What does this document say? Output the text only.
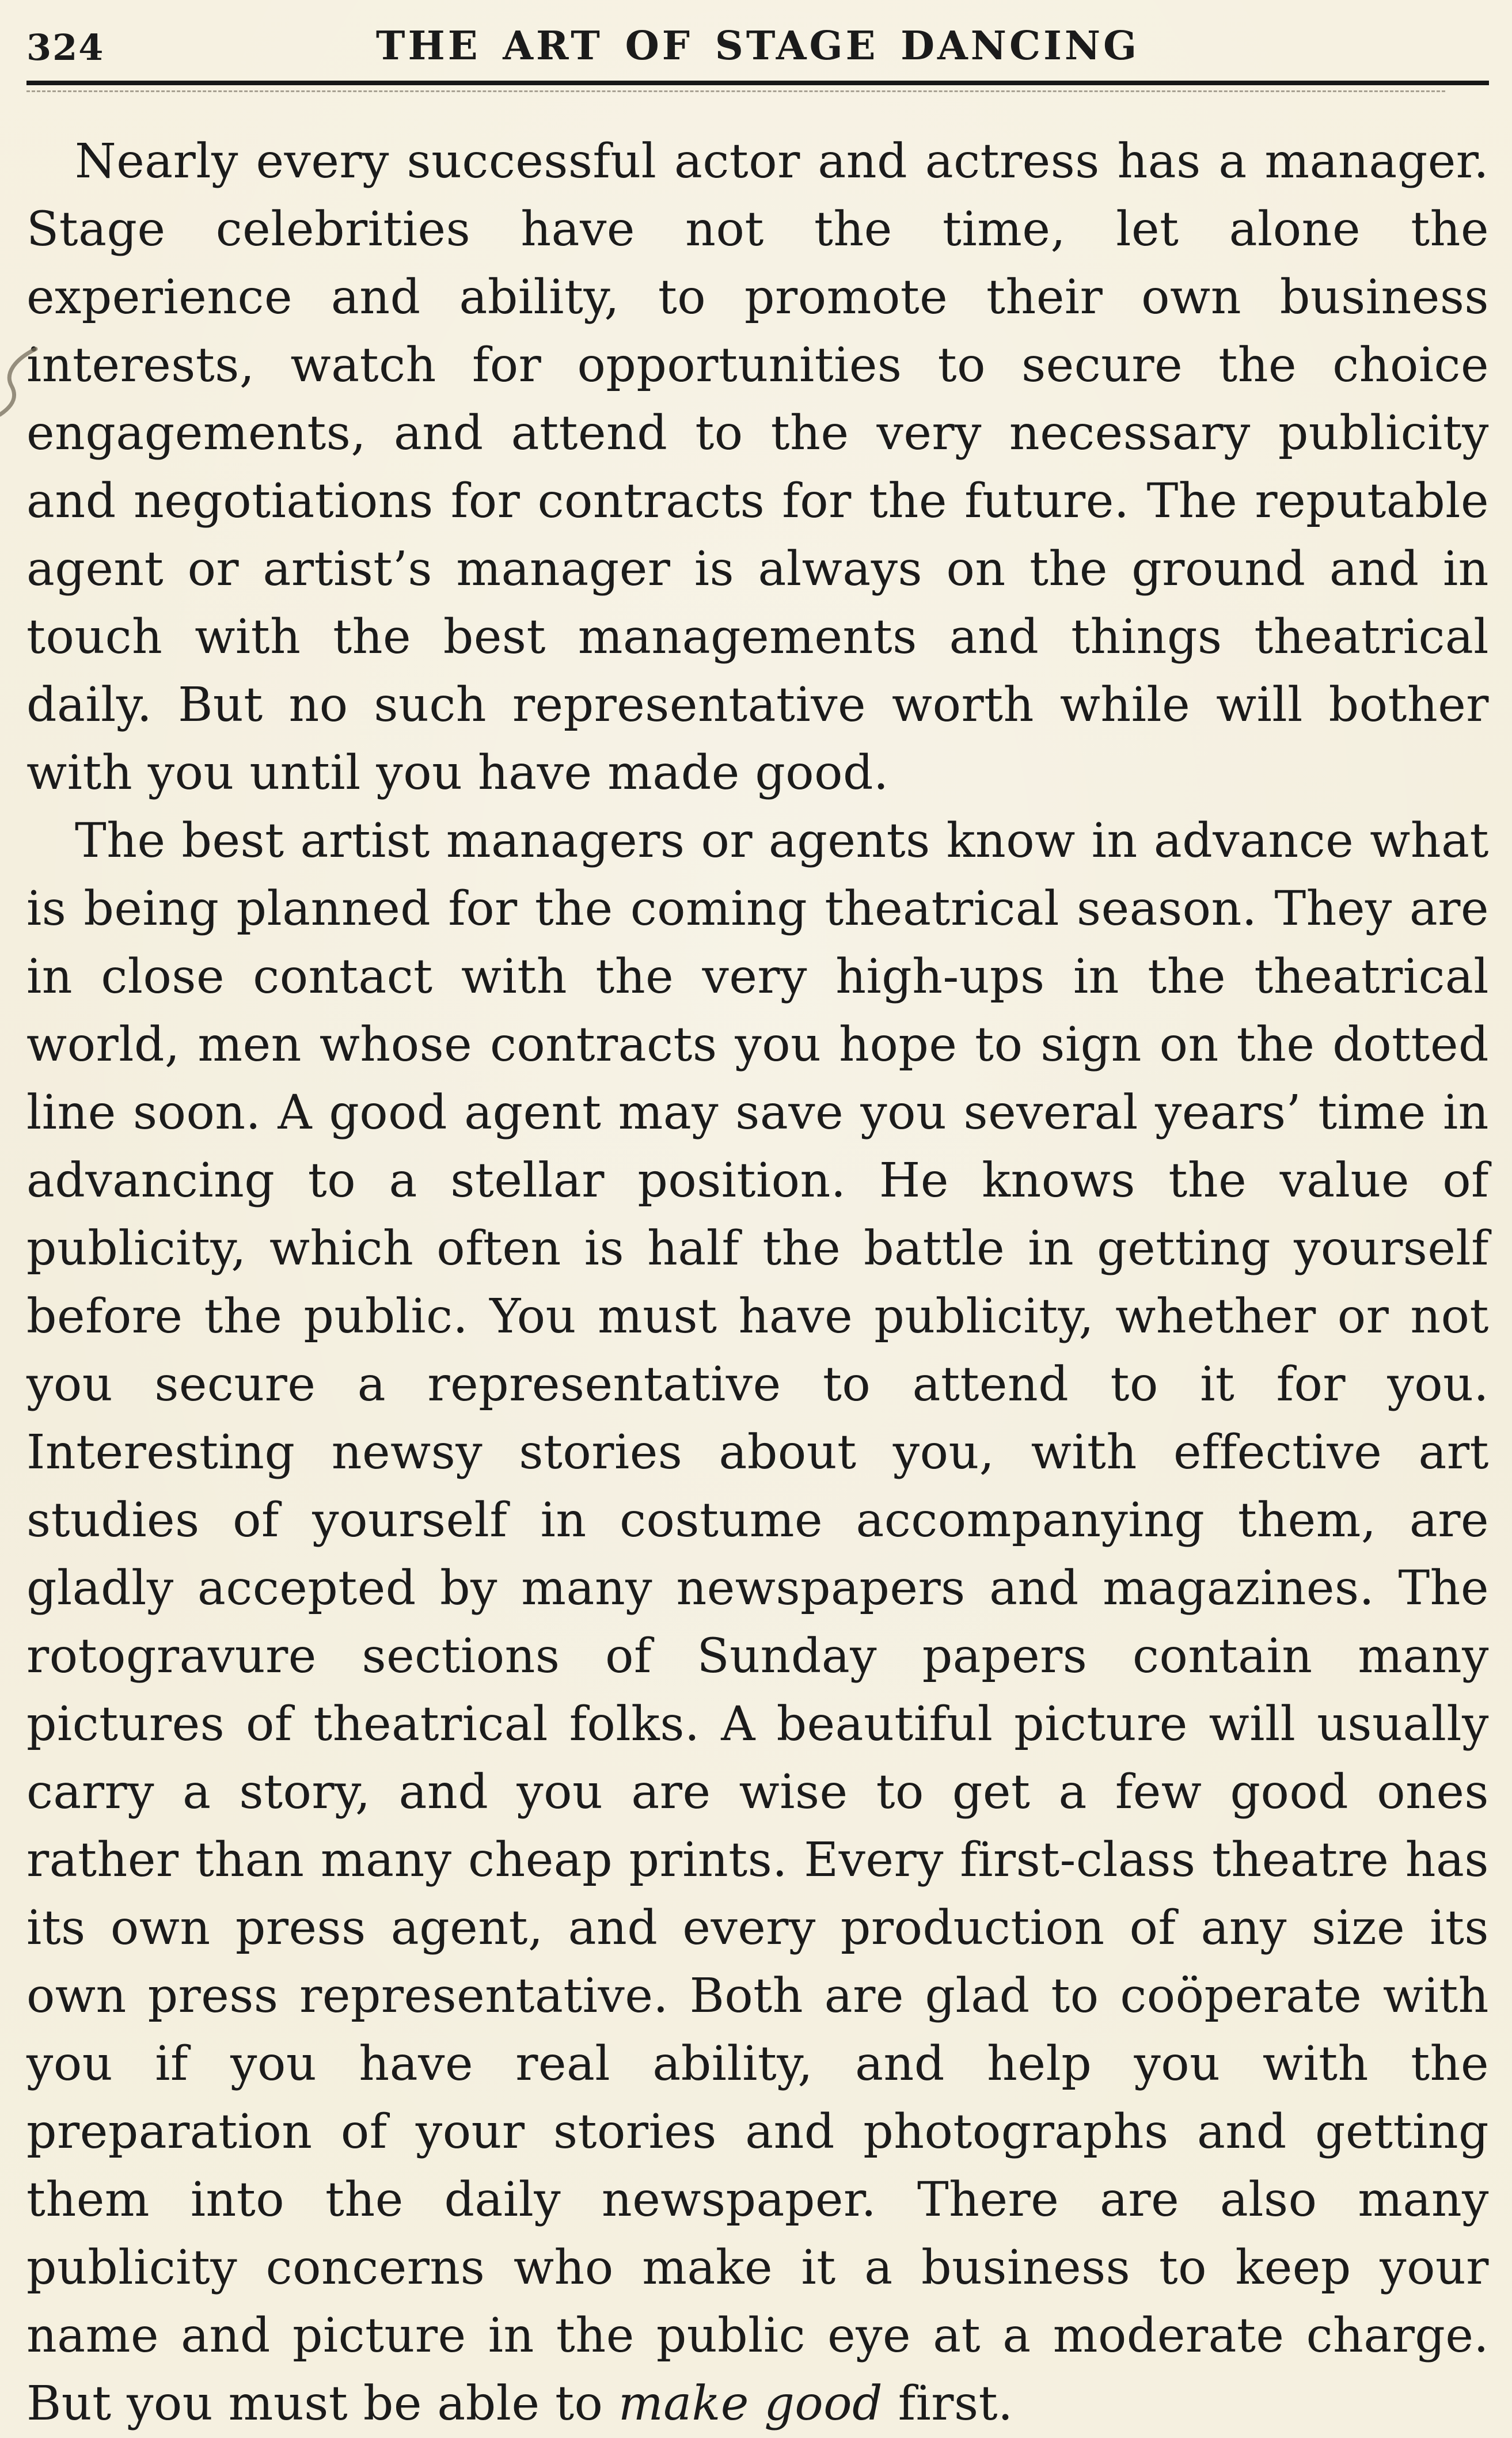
324	THE ART OF STAGE DANCING

Nearly every successful actor and actress has a manager. Stage celebrities have not the time, let alone the experience and ability, to promote their own business interests, watch for opportunities to secure the choice engagements, and attend to the very necessary publicity and negotiations for contracts for the future. The reputable agent or artist’s manager is always on the ground and in touch with the best managements and things theatrical daily. But no such representative worth while will bother with you until you have made good.

The best artist managers or agents know in advance what is being planned for the coming theatrical season. They are in close contact with the very high-ups in the theatrical world, men whose contracts you hope to sign on the dotted line soon. A good agent may save you several years’ time in advancing to a stellar position. He knows the value of publicity, which often is half the battle in getting yourself before the public. You must have publicity, whether or not you secure a representative to attend to it for you. Interesting newsy stories about you, with effective art studies of yourself in costume accompanying them, are gladly accepted by many newspapers and magazines. The rotogravure sections of Sunday papers contain many pictures of theatrical folks. A beautiful picture will usually carry a story, and you are wise to get a few good ones rather than many cheap prints. Every first-class theatre has its own press agent, and every production of any size its own press representative. Both are glad to coöperate with you if you have real ability, and help you with the preparation of your stories and photographs and getting them into the daily newspaper. There are also many publicity concerns who make it a business to keep your name and picture in the public eye at a moderate charge. But you must be able to make good first.
